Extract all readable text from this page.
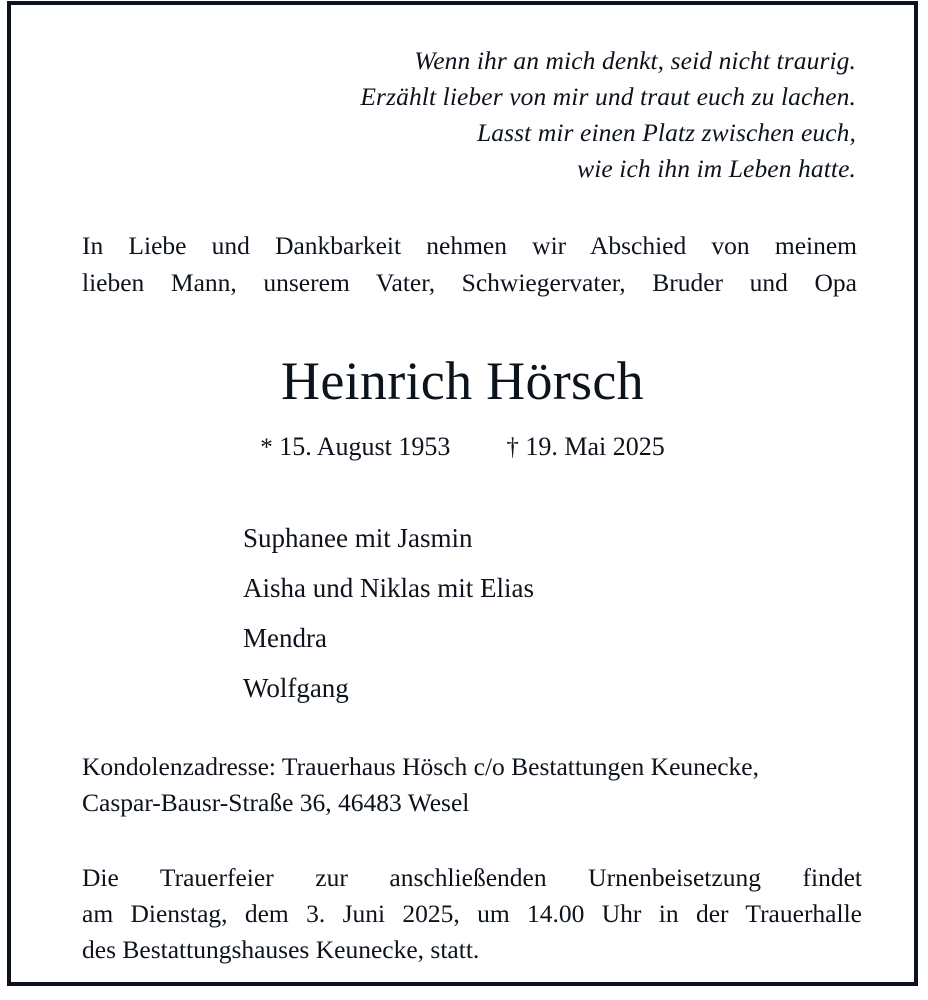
Wenn ihr an mich denkt, seid nicht traurig.
Erzählt lieber von mir und traut euch zu lachen.
Lasst mir einen Platz zwischen euch,
wie ich ihn im Leben hatte.
In Liebe und Dankbarkeit nehmen wir Abschied von meinem
lieben Mann, unserem Vater, Schwiegervater, Bruder und Opa
Heinrich Hörsch
* 15. August 1953 † 19. Mai 2025
Suphanee mit Jasmin
Aisha und Niklas mit Elias
Mendra
Wolfgang
Kondolenzadresse: Trauerhaus Hösch c/o Bestattungen Keunecke,
Caspar-Bausr-Straße 36, 46483 Wesel
Die Trauerfeier zur anschließenden Urnenbeisetzung findet
am Dienstag, dem 3. Juni 2025, um 14.00 Uhr in der Trauerhalle
des Bestattungshauses Keunecke, statt.
